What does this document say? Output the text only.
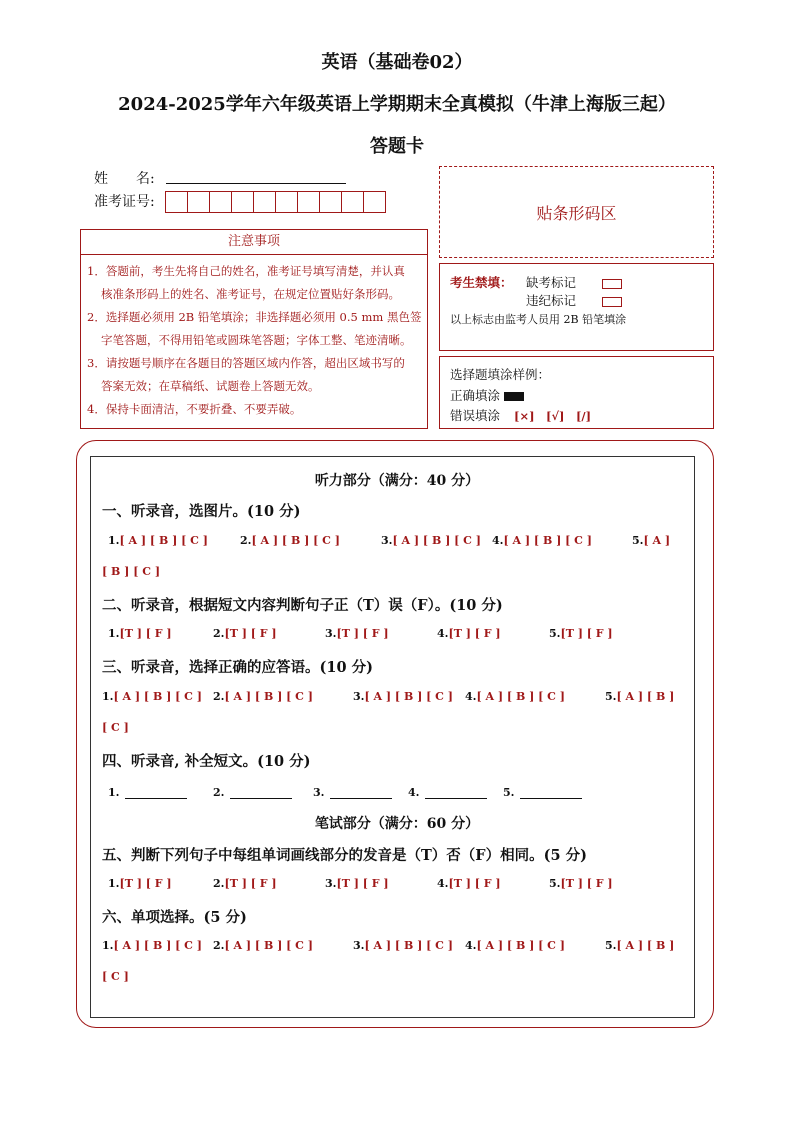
英语（基础卷02）
2024-2025学年六年级英语上学期期末全真模拟（牛津上海版三起）
答题卡
姓　　名:
准考证号:
贴条形码区
注意事项
1．答题前，考生先将自己的姓名，准考证号填写清楚，并认真
核准条形码上的姓名、准考证号，在规定位置贴好条形码。
2．选择题必须用 2B 铅笔填涂；非选择题必须用 0.5 mm 黑色签
字笔答题，不得用铅笔或圆珠笔答题；字体工整、笔迹清晰。
3．请按题号顺序在各题目的答题区域内作答，超出区域书写的
答案无效；在草稿纸、试题卷上答题无效。
4．保持卡面清洁，不要折叠、不要弄破。
考生禁填： 缺考标记
违纪标记
以上标志由监考人员用 2B 铅笔填涂
选择题填涂样例：
正确填涂
错误填涂 [×]　[√]　[/]
听力部分（满分：40 分）
一、听录音，选图片。(10 分)
1.[ A ] [ B ] [ C ]	2.[ A ] [ B ] [ C ]	3.[ A ] [ B ] [ C ] 4.[ A ] [ B ] [ C ]	5.[ A ]
[ B ] [ C ]
二、听录音，根据短文内容判断句子正（T）误（F）。(10 分)
1.[T ] [ F ]	2.[T ] [ F ]	3.[T ] [ F ]	4.[T ] [ F ]	5.[T ] [ F ]
三、听录音，选择正确的应答语。(10 分)
1.[ A ] [ B ] [ C ] 2.[ A ] [ B ] [ C ]	3.[ A ] [ B ] [ C ] 4.[ A ] [ B ] [ C ]	5.[ A ] [ B ]
[ C ]
四、听录音, 补全短文。(10 分)
1.	2.	3.	4.	5.
笔试部分（满分：60 分）
五、判断下列句子中每组单词画线部分的发音是（T）否（F）相同。(5 分)
1.[T ] [ F ]	2.[T ] [ F ]	3.[T ] [ F ]	4.[T ] [ F ]	5.[T ] [ F ]
六、单项选择。(5 分)
1.[ A ] [ B ] [ C ] 2.[ A ] [ B ] [ C ]	3.[ A ] [ B ] [ C ] 4.[ A ] [ B ] [ C ]	5.[ A ] [ B ]
[ C ]
